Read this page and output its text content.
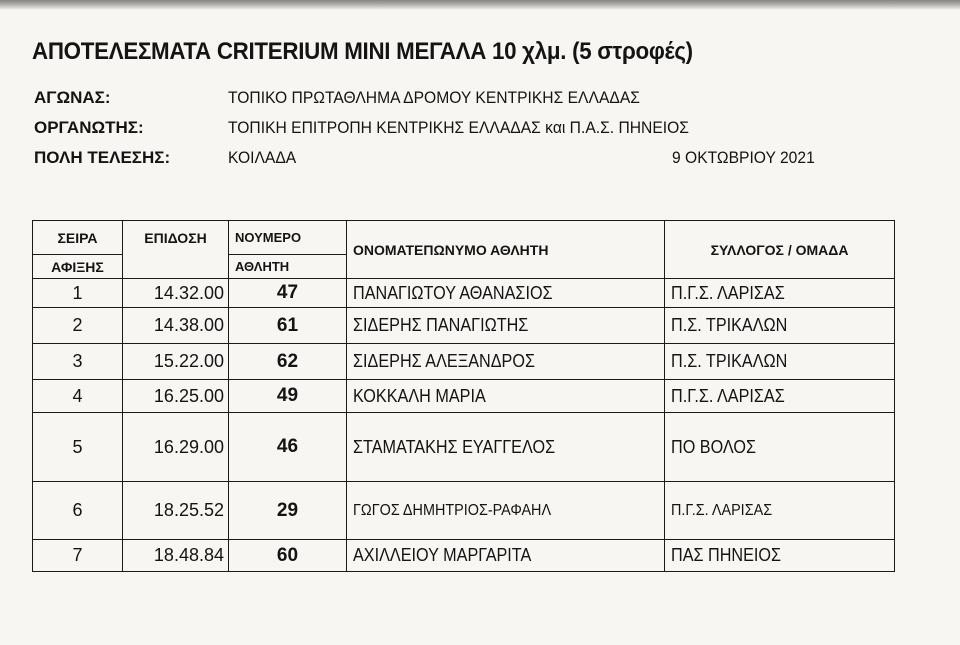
ΑΠΟΤΕΛΕΣΜΑΤΑ CRITERIUM MINI ΜΕΓΑΛΑ 10 χλμ. (5 στροφές)
ΑΓΩΝΑΣ:	ΤΟΠΙΚΟ ΠΡΩΤΑΘΛΗΜΑ ΔΡΟΜΟΥ ΚΕΝΤΡΙΚΗΣ ΕΛΛΑΔΑΣ
ΟΡΓΑΝΩΤΗΣ:	ΤΟΠΙΚΗ ΕΠΙΤΡΟΠΗ ΚΕΝΤΡΙΚΗΣ ΕΛΛΑΔΑΣ και Π.Α.Σ. ΠΗΝΕΙΟΣ
ΠΟΛΗ ΤΕΛΕΣΗΣ:	ΚΟΙΛΑΔΑ	9 ΟΚΤΩΒΡΙΟΥ 2021
ΣΕΙΡΑ	ΕΠΙΔΟΣΗ	ΝΟΥΜΕΡΟ	ΟΝΟΜΑΤΕΠΩΝΥΜΟ ΑΘΛΗΤΗ	ΣΥΛΛΟΓΟΣ / ΟΜΑΔΑ
ΑΦΙΞΗΣ		ΑΘΛΗΤΗ		
1	14.32.00	47	ΠΑΝΑΓΙΩΤΟΥ ΑΘΑΝΑΣΙΟΣ	Π.Γ.Σ. ΛΑΡΙΣΑΣ
2	14.38.00	61	ΣΙΔΕΡΗΣ ΠΑΝΑΓΙΩΤΗΣ	Π.Σ. ΤΡΙΚΑΛΩΝ
3	15.22.00	62	ΣΙΔΕΡΗΣ ΑΛΕΞΑΝΔΡΟΣ	Π.Σ. ΤΡΙΚΑΛΩΝ
4	16.25.00	49	ΚΟΚΚΑΛΗ ΜΑΡΙΑ	Π.Γ.Σ. ΛΑΡΙΣΑΣ
5	16.29.00	46	ΣΤΑΜΑΤΑΚΗΣ ΕΥΑΓΓΕΛΟΣ	ΠΟ ΒΟΛΟΣ
6	18.25.52	29	ΓΩΓΟΣ ΔΗΜΗΤΡΙΟΣ-ΡΑΦΑΗΛ	Π.Γ.Σ. ΛΑΡΙΣΑΣ
7	18.48.84	60	ΑΧΙΛΛΕΙΟΥ ΜΑΡΓΑΡΙΤΑ	ΠΑΣ ΠΗΝΕΙΟΣ
